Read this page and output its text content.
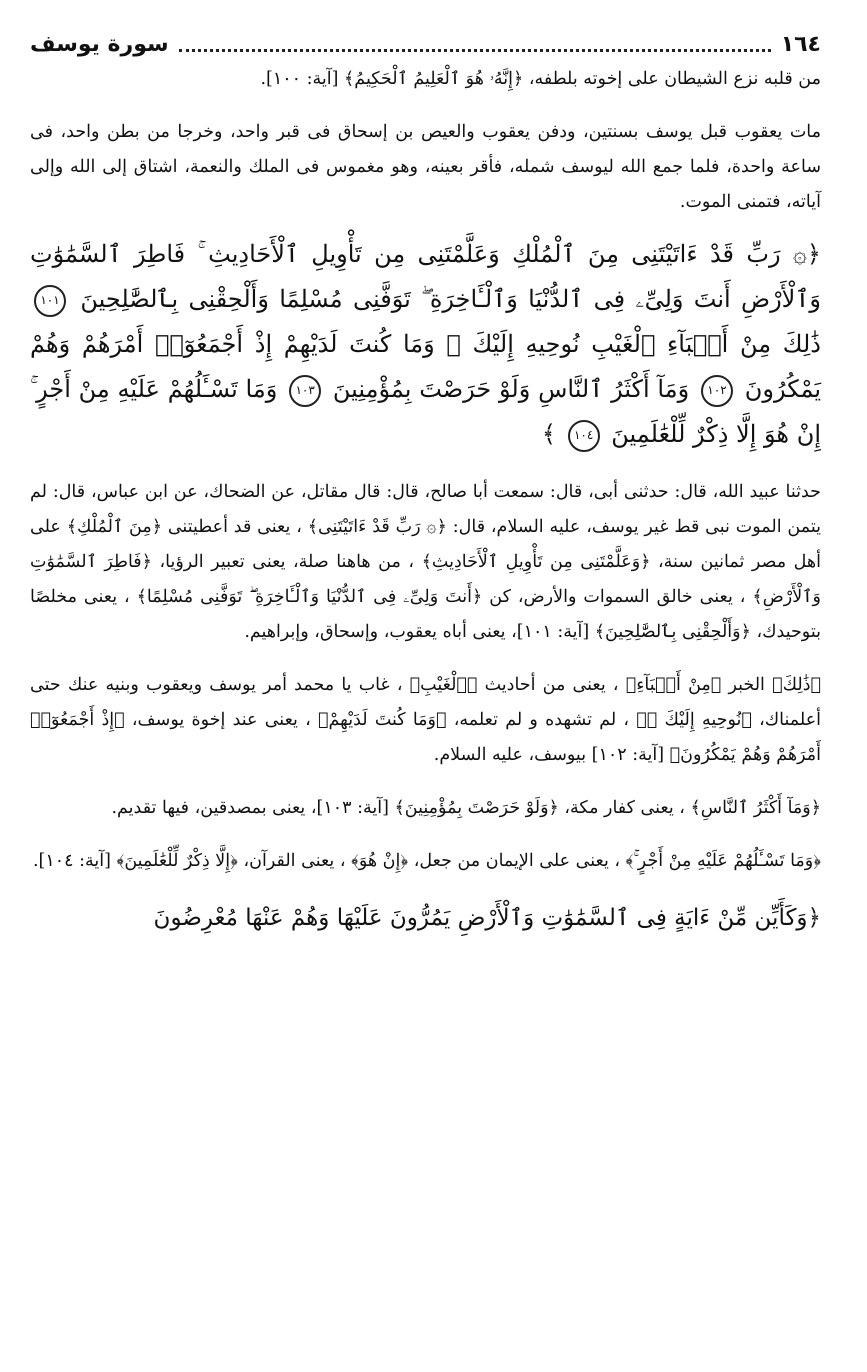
١٦٤
سورة يوسف

من قلبه نزع الشيطان على إخوته بلطفه، ﴿إِنَّهُۥ هُوَ ٱلْعَلِيمُ ٱلْحَكِيمُ﴾ [آية: ١٠٠].

مات يعقوب قبل يوسف بسنتين، ودفن يعقوب والعيص بن إسحاق فى قبر واحد، وخرجا من بطن واحد، فى ساعة واحدة، فلما جمع الله ليوسف شمله، فأقر بعينه، وهو مغموس فى الملك والنعمة، اشتاق إلى الله وإلى آياته، فتمنى الموت.

﴿۞ رَبِّ قَدْ ءَاتَيْتَنِى مِنَ ٱلْمُلْكِ وَعَلَّمْتَنِى مِن تَأْوِيلِ ٱلْأَحَادِيثِ ۚ فَاطِرَ ٱلسَّمَٰوَٰتِ وَٱلْأَرْضِ أَنتَ وَلِىِّۦ فِى ٱلدُّنْيَا وَٱلْـَٔاخِرَةِ ۖ تَوَفَّنِى مُسْلِمًا وَأَلْحِقْنِى بِٱلصَّٰلِحِينَ ١٠١ ذَٰلِكَ مِنْ أَنۢبَآءِ ٱلْغَيْبِ نُوحِيهِ إِلَيْكَ ۖ وَمَا كُنتَ لَدَيْهِمْ إِذْ أَجْمَعُوٓا۟ أَمْرَهُمْ وَهُمْ يَمْكُرُونَ ١٠٢ وَمَآ أَكْثَرُ ٱلنَّاسِ وَلَوْ حَرَصْتَ بِمُؤْمِنِينَ ١٠٣ وَمَا تَسْـَٔلُهُمْ عَلَيْهِ مِنْ أَجْرٍ ۚ إِنْ هُوَ إِلَّا ذِكْرٌ لِّلْعَٰلَمِينَ ١٠٤ ﴾

حدثنا عبيد الله، قال: حدثنى أبى، قال: سمعت أبا صالح، قال: قال مقاتل، عن الضحاك، عن ابن عباس، قال: لم يتمن الموت نبى قط غير يوسف، عليه السلام، قال: ﴿۞ رَبِّ قَدْ ءَاتَيْتَنِى﴾ ، يعنى قد أعطيتنى ﴿مِنَ ٱلْمُلْكِ﴾ على أهل مصر ثمانين سنة، ﴿وَعَلَّمْتَنِى مِن تَأْوِيلِ ٱلْأَحَادِيثِ﴾ ، من هاهنا صلة، يعنى تعبير الرؤيا، ﴿فَاطِرَ ٱلسَّمَٰوَٰتِ وَٱلْأَرْضِ﴾ ، يعنى خالق السموات والأرض، كن ﴿أَنتَ وَلِىِّۦ فِى ٱلدُّنْيَا وَٱلْـَٔاخِرَةِ ۖ تَوَفَّنِى مُسْلِمًا﴾ ، يعنى مخلصًا بتوحيدك، ﴿وَأَلْحِقْنِى بِٱلصَّٰلِحِينَ﴾ [آية: ١٠١]، يعنى أباه يعقوب، وإسحاق، وإبراهيم.

﴿ذَٰلِكَ﴾ الخبر ﴿مِنْ أَنۢبَآءِ﴾ ، يعنى من أحاديث ﴿ٱلْغَيْبِ﴾ ، غاب يا محمد أمر يوسف ويعقوب وبنيه عنك حتى أعلمناك، ﴿نُوحِيهِ إِلَيْكَ ۖ﴾ ، لم تشهده و لم تعلمه، ﴿وَمَا كُنتَ لَدَيْهِمْ﴾ ، يعنى عند إخوة يوسف، ﴿إِذْ أَجْمَعُوٓا۟ أَمْرَهُمْ وَهُمْ يَمْكُرُونَ﴾ [آية: ١٠٢] بيوسف، عليه السلام.

﴿وَمَآ أَكْثَرُ ٱلنَّاسِ﴾ ، يعنى كفار مكة، ﴿وَلَوْ حَرَصْتَ بِمُؤْمِنِينَ﴾ [آية: ١٠٣]، يعنى بمصدقين، فيها تقديم.

﴿وَمَا تَسْـَٔلُهُمْ عَلَيْهِ مِنْ أَجْرٍ ۚ﴾ ، يعنى على الإيمان من جعل، ﴿إِنْ هُوَ﴾ ، يعنى القرآن، ﴿إِلَّا ذِكْرٌ لِّلْعَٰلَمِينَ﴾ [آية: ١٠٤].

﴿وَكَأَيِّن مِّنْ ءَايَةٍ فِى ٱلسَّمَٰوَٰتِ وَٱلْأَرْضِ يَمُرُّونَ عَلَيْهَا وَهُمْ عَنْهَا مُعْرِضُونَ
